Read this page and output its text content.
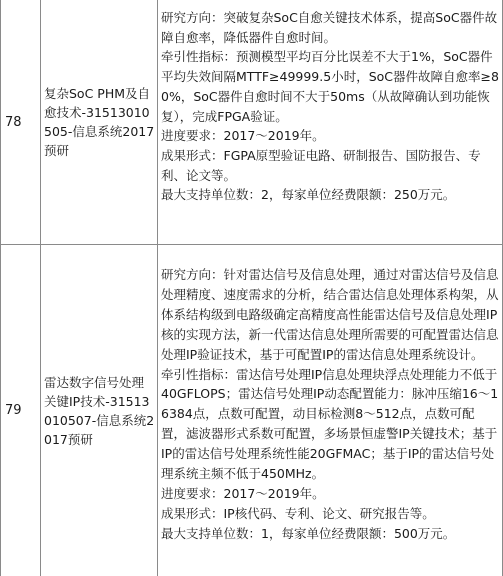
78
复杂SoC PHM及自愈技术-31513010505-信息系统2017预研

研究方向：突破复杂SoC自愈关键技术体系，提高SoC器件故障自愈率，降低器件自愈时间。

牵引性指标：预测模型平均百分比误差不大于1%，SoC器件平均失效间隔MTTF≥49999.5小时，SoC器件故障自愈率≥80%，SoC器件自愈时间不大于50ms（从故障确认到功能恢复），完成FPGA验证。

进度要求：2017～2019年。

成果形式：FGPA原型验证电路、研制报告、国防报告、专利、论文等。

最大支持单位数：2，每家单位经费限额：250万元。

79
雷达数字信号处理关键IP技术-31513010507-信息系统2017预研

研究方向：针对雷达信号及信息处理，通过对雷达信号及信息处理精度、速度需求的分析，结合雷达信息处理体系构架，从体系结构级到电路级确定高精度高性能雷达信号及信息处理IP核的实现方法，新一代雷达信息处理所需要的可配置雷达信息处理IP验证技术，基于可配置IP的雷达信息处理系统设计。

牵引性指标：雷达信号处理IP信息处理块浮点处理能力不低于40GFLOPS；雷达信号处理IP动态配置能力：脉冲压缩16～16384点，点数可配置，动目标检测8～512点，点数可配置，滤波器形式系数可配置，多场景恒虚警IP关键技术；基于IP的雷达信号处理系统性能20GFMAC；基于IP的雷达信号处理系统主频不低于450MHz。

进度要求：2017～2019年。

成果形式：IP核代码、专利、论文、研究报告等。

最大支持单位数：1，每家单位经费限额：500万元。
